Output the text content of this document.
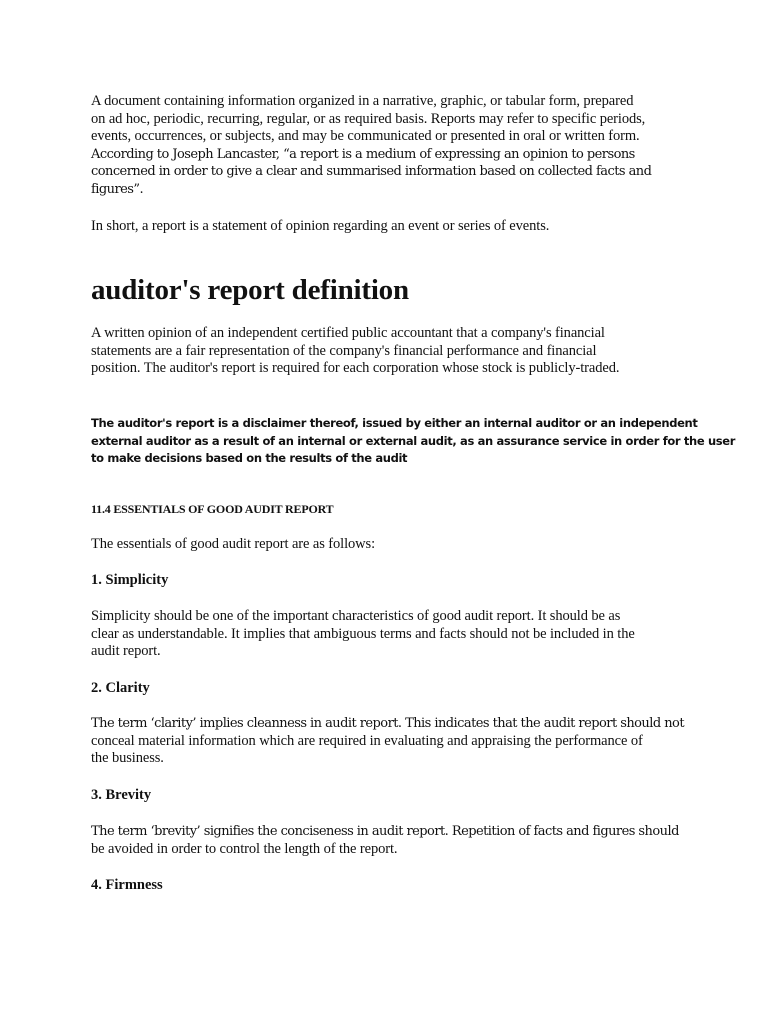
A document containing information organized in a narrative, graphic, or tabular form, prepared
on ad hoc, periodic, recurring, regular, or as required basis. Reports may refer to specific periods,
events, occurrences, or subjects, and may be communicated or presented in oral or written form.
According to Joseph Lancaster, “a report is a medium of expressing an opinion to persons
concerned in order to give a clear and summarised information based on collected facts and
figures”.

In short, a report is a statement of opinion regarding an event or series of events.

auditor's report definition
A written opinion of an independent certified public accountant that a company's financial
statements are a fair representation of the company's financial performance and financial
position. The auditor's report is required for each corporation whose stock is publicly-traded.
The auditor's report is a disclaimer thereof, issued by either an internal auditor or an independent
external auditor as a result of an internal or external audit, as an assurance service in order for the user
to make decisions based on the results of the audit
11.4 ESSENTIALS OF GOOD AUDIT REPORT

The essentials of good audit report are as follows:

1. Simplicity
Simplicity should be one of the important characteristics of good audit report. It should be as
clear as understandable. It implies that ambiguous terms and facts should not be included in the
audit report.
2. Clarity
The term ‘clarity’ implies cleanness in audit report. This indicates that the audit report should not
conceal material information which are required in evaluating and appraising the performance of
the business.
3. Brevity
The term ‘brevity’ signifies the conciseness in audit report. Repetition of facts and figures should
be avoided in order to control the length of the report.
4. Firmness
